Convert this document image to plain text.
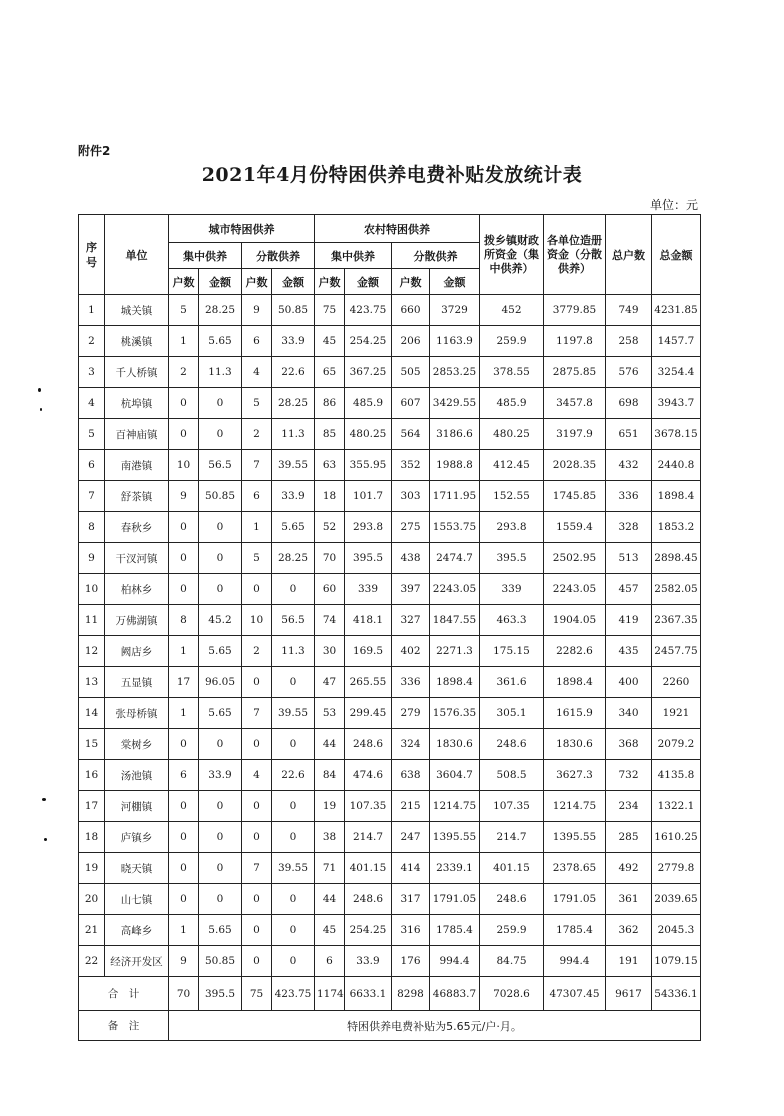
附件2
2021年4月份特困供养电费补贴发放统计表
单位：元
序号	单位	城市特困供养				农村特困供养				拨乡镇财政所资金（集中供养）	各单位造册资金（分散供养）	总户数	总金额
		集中供养		分散供养		集中供养		分散供养					
		户数	金额	户数	金额	户数	金额	户数	金额				
1	城关镇	5	28.25	9	50.85	75	423.75	660	3729	452	3779.85	749	4231.85
2	桃溪镇	1	5.65	6	33.9	45	254.25	206	1163.9	259.9	1197.8	258	1457.7
3	千人桥镇	2	11.3	4	22.6	65	367.25	505	2853.25	378.55	2875.85	576	3254.4
4	杭埠镇	0	0	5	28.25	86	485.9	607	3429.55	485.9	3457.8	698	3943.7
5	百神庙镇	0	0	2	11.3	85	480.25	564	3186.6	480.25	3197.9	651	3678.15
6	南港镇	10	56.5	7	39.55	63	355.95	352	1988.8	412.45	2028.35	432	2440.8
7	舒茶镇	9	50.85	6	33.9	18	101.7	303	1711.95	152.55	1745.85	336	1898.4
8	春秋乡	0	0	1	5.65	52	293.8	275	1553.75	293.8	1559.4	328	1853.2
9	干汊河镇	0	0	5	28.25	70	395.5	438	2474.7	395.5	2502.95	513	2898.45
10	柏林乡	0	0	0	0	60	339	397	2243.05	339	2243.05	457	2582.05
11	万佛湖镇	8	45.2	10	56.5	74	418.1	327	1847.55	463.3	1904.05	419	2367.35
12	阙店乡	1	5.65	2	11.3	30	169.5	402	2271.3	175.15	2282.6	435	2457.75
13	五显镇	17	96.05	0	0	47	265.55	336	1898.4	361.6	1898.4	400	2260
14	张母桥镇	1	5.65	7	39.55	53	299.45	279	1576.35	305.1	1615.9	340	1921
15	棠树乡	0	0	0	0	44	248.6	324	1830.6	248.6	1830.6	368	2079.2
16	汤池镇	6	33.9	4	22.6	84	474.6	638	3604.7	508.5	3627.3	732	4135.8
17	河棚镇	0	0	0	0	19	107.35	215	1214.75	107.35	1214.75	234	1322.1
18	庐镇乡	0	0	0	0	38	214.7	247	1395.55	214.7	1395.55	285	1610.25
19	晓天镇	0	0	7	39.55	71	401.15	414	2339.1	401.15	2378.65	492	2779.8
20	山七镇	0	0	0	0	44	248.6	317	1791.05	248.6	1791.05	361	2039.65
21	高峰乡	1	5.65	0	0	45	254.25	316	1785.4	259.9	1785.4	362	2045.3
22	经济开发区	9	50.85	0	0	6	33.9	176	994.4	84.75	994.4	191	1079.15
合　计		70	395.5	75	423.75	1174	6633.1	8298	46883.7	7028.6	47307.45	9617	54336.1
备　注		特困供养电费补贴为5.65元/户·月。											
